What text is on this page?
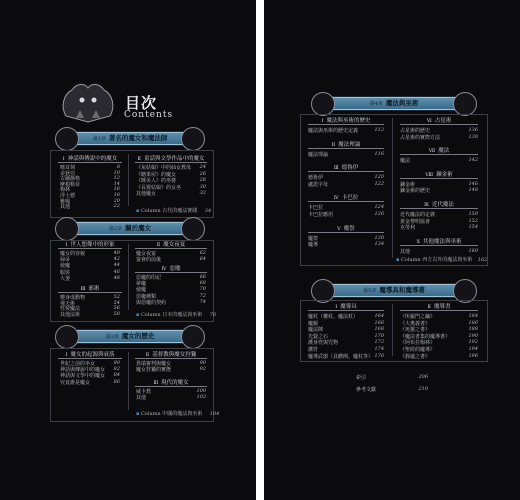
目次
Contents
第1章 著名的魔女和魔法師
Ⅰ 神話與傳說中的魔女
喀耳刻	8
美狄亞	10
古爾薇格	12
摩根勒菲	14
梅林	16
浮士德	18
雅嘎	20
其他	22
Ⅱ 童話與文學作品中的魔女
《灰姑娘》中的仙女教母 24
《糖果屋》的魔女	26
《睡美人》的巫婆	28
《長髮姑娘》的女巫	30
其他魔女	32
▪ Column 古代的魔法實踐 34
第2章 關於魔女
Ⅰ 世人想像中的形象
魔女的容貌	40
掃帚	42
使魔	44
服裝	46
大釜	48
Ⅱ 魔女夜宴
魔女夜宴	62
宴會的前後	64
Ⅲ 邪術
變身成動物	52
飛天術	54
性愛魔法	56
其他法術	58
Ⅳ 惡魔
惡魔的印記	66
夢魔	68
使魔	70
惡魔種類	72
與惡魔的契約	74
▪ Column 日本的魔法與巫術 76
第3章 魔女的歷史
Ⅰ 魔女的起源與衰落
世紀之前的巫女	80
神話與傳說中的魔女 82
神話與文學中的魔女 84
究竟誰是魔女	86
Ⅱ 基督教與魔女狩獵
異端審判與魔女	90
魔女狩獵的實態	92
Ⅲ 現代的魔女
威卡教	100
其他	102
▪ Column 中國的魔法與巫術 104
第4章 魔法與巫術
Ⅰ 魔法與巫術的歷史
魔法與巫術的歷史定義	112
Ⅱ 魔法理論
魔法理論	116
Ⅲ 德魯伊
德魯伊	120
盧恩字母	122
Ⅳ 卡巴拉
卡巴拉	124
卡巴拉應用	126
Ⅴ 魔祭
魔祭	130
魔導	134
Ⅵ 占星術
占星術的歷史	136
占星術的實際方法	138
Ⅶ 魔法
魔法	142
Ⅷ 鍊金術
鍊金術	146
鍊金術的歷史	148
Ⅸ 近代魔法
近代魔法的定義	150
黃金黎明協會	152
克勞利	154
Ⅹ 其他魔法與巫術
其他	160
▪ Column 西方以外的魔法與巫術 162
第5章 魔導具和魔導書
Ⅰ 魔導具
魔杖（權杖、魔法杖）	164
魔鏡	166
魔法陣	168
先賢之石	170
護身符與咒物	172
護符	174
魔導武器（具體例、魔杖等） 176
Ⅱ 魔導書
《所羅門之鑰》	184
《大奧義書》	186
《死靈之書》	188
《魔法書集的魔導書》	190
《阿布拉梅林》	192
《聖經的魔導》	194
《靜謐之書》	196
索引	206
參考文獻	210
